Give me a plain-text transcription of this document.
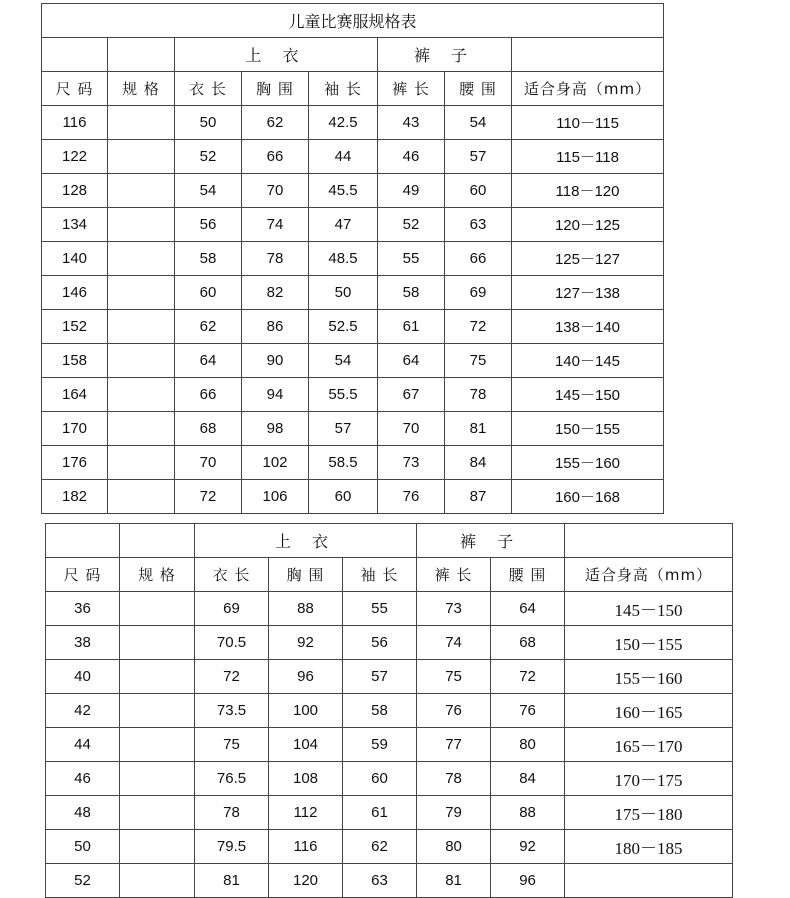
儿童比赛服规格表							
		上 衣			裤 子		
尺 码	规 格	衣 长	胸 围	袖 长	裤 长	腰 围	适合身高（mm）
116		50	62	42.5	43	54	110－115
122		52	66	44	46	57	115－118
128		54	70	45.5	49	60	118－120
134		56	74	47	52	63	120－125
140		58	78	48.5	55	66	125－127
146		60	82	50	58	69	127－138
152		62	86	52.5	61	72	138－140
158		64	90	54	64	75	140－145
164		66	94	55.5	67	78	145－150
170		68	98	57	70	81	150－155
176		70	102	58.5	73	84	155－160
182		72	106	60	76	87	160－168
		上 衣			裤 子		
尺 码	规 格	衣 长	胸 围	袖 长	裤 长	腰 围	适合身高（mm）
36		69	88	55	73	64	145－150
38		70.5	92	56	74	68	150－155
40		72	96	57	75	72	155－160
42		73.5	100	58	76	76	160－165
44		75	104	59	77	80	165－170
46		76.5	108	60	78	84	170－175
48		78	112	61	79	88	175－180
50		79.5	116	62	80	92	180－185
52		81	120	63	81	96	
